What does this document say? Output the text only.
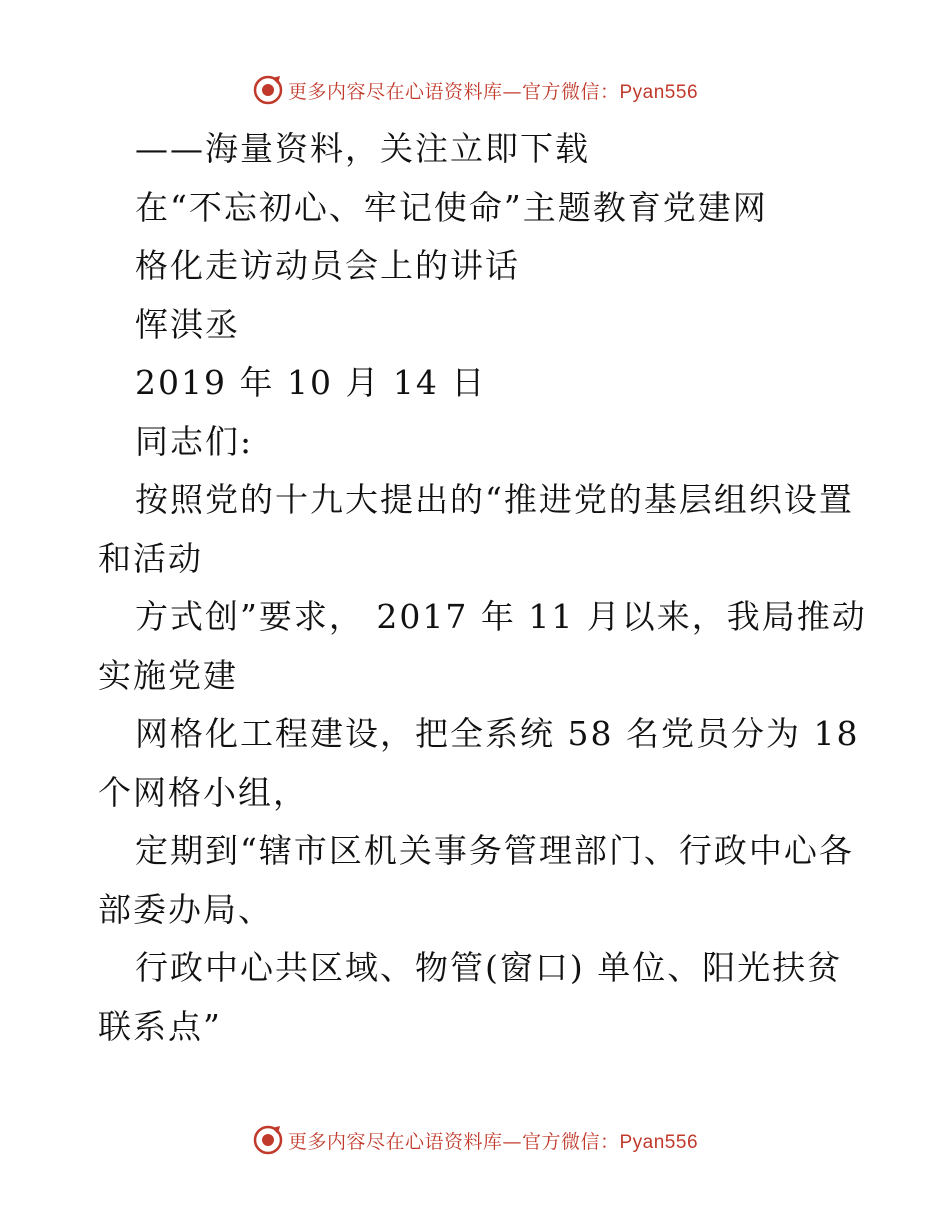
更多内容尽在心语资料库—官方微信：Pyan556
——海量资料，关注立即下载
在“不忘初心、牢记使命”主题教育党建网
格化走访动员会上的讲话
恽淇丞
2019 年 10 月 14 日
同志们:
按照党的十九大提出的“推进党的基层组织设置
和活动
方式创”要求， 2017 年 11 月以来，我局推动
实施党建
网格化工程建设，把全系统 58 名党员分为 18
个网格小组，
定期到“辖市区机关事务管理部门、行政中心各
部委办局、
行政中心共区域、物管(窗口) 单位、阳光扶贫
联系点”
更多内容尽在心语资料库—官方微信：Pyan556
